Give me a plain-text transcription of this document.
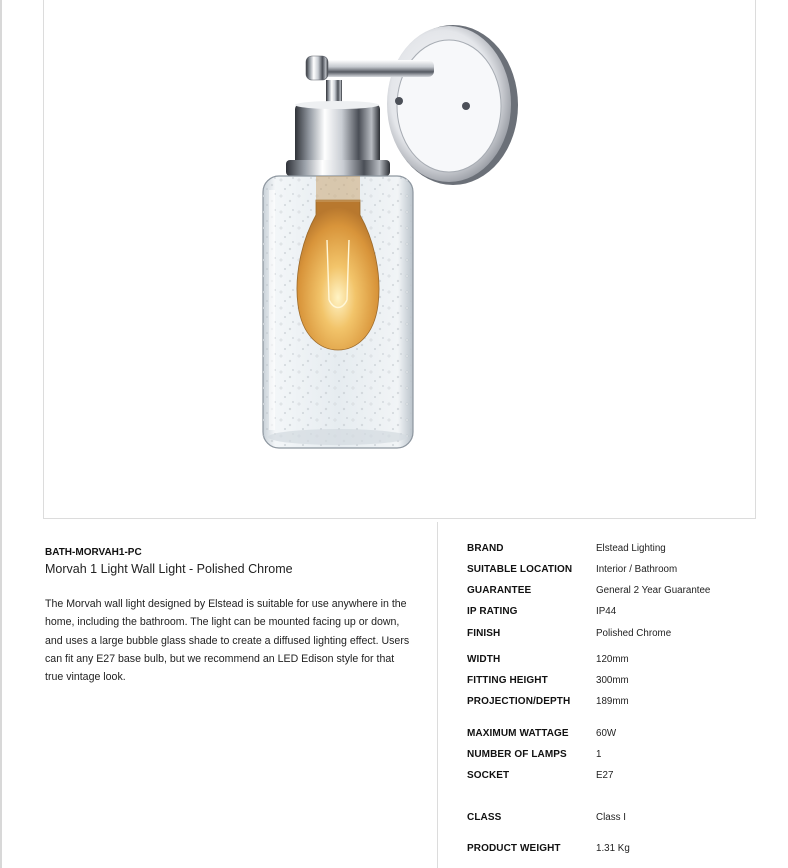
BATH-MORVAH1-PC
Morvah 1 Light Wall Light - Polished Chrome
The Morvah wall light designed by Elstead is suitable for use anywhere in the home, including the bathroom. The light can be mounted facing up or down, and uses a large bubble glass shade to create a diffused lighting effect. Users can fit any E27 base bulb, but we recommend an LED Edison style for that true vintage look.
BRAND	Elstead Lighting
SUITABLE LOCATION Interior / Bathroom
GUARANTEE	General 2 Year Guarantee
IP RATING	IP44
FINISH	Polished Chrome
WIDTH	120mm
FITTING HEIGHT	300mm
PROJECTION/DEPTH	189mm
MAXIMUM WATTAGE	60W
NUMBER OF LAMPS	1
SOCKET	E27
CLASS	Class I
PRODUCT WEIGHT	1.31 Kg
